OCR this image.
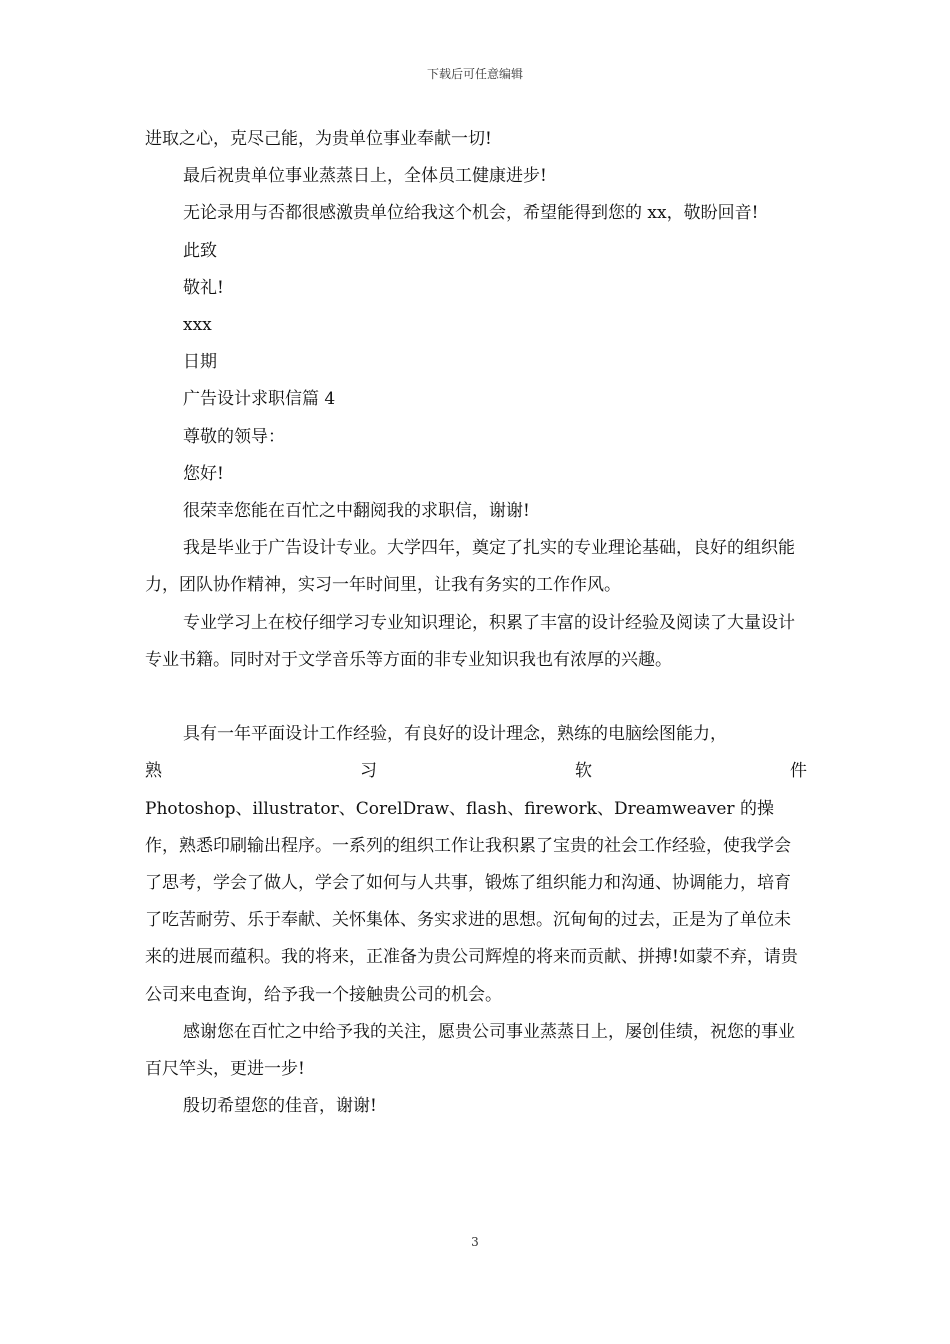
下载后可任意编辑

进取之心，克尽己能，为贵单位事业奉献一切!

最后祝贵单位事业蒸蒸日上，全体员工健康进步!

无论录用与否都很感激贵单位给我这个机会，希望能得到您的 xx，敬盼回音!

此致

敬礼!

xxx

日期

广告设计求职信篇 4

尊敬的领导：

您好!

很荣幸您能在百忙之中翻阅我的求职信，谢谢!

我是毕业于广告设计专业。大学四年，奠定了扎实的专业理论基础，良好的组织能力，团队协作精神，实习一年时间里，让我有务实的工作作风。

专业学习上在校仔细学习专业知识理论，积累了丰富的设计经验及阅读了大量设计专业书籍。同时对于文学音乐等方面的非专业知识我也有浓厚的兴趣。

具有一年平面设计工作经验，有良好的设计理念，熟练的电脑绘图能力，

熟 习 软 件

Photoshop、illustrator、CorelDraw、flash、firework、Dreamweaver 的操作，熟悉印刷输出程序。一系列的组织工作让我积累了宝贵的社会工作经验，使我学会了思考，学会了做人，学会了如何与人共事，锻炼了组织能力和沟通、协调能力，培育了吃苦耐劳、乐于奉献、关怀集体、务实求进的思想。沉甸甸的过去，正是为了单位未来的进展而蕴积。我的将来，正准备为贵公司辉煌的将来而贡献、拼搏!如蒙不弃，请贵公司来电查询，给予我一个接触贵公司的机会。

感谢您在百忙之中给予我的关注，愿贵公司事业蒸蒸日上，屡创佳绩，祝您的事业百尺竿头，更进一步!

殷切希望您的佳音，谢谢!

3
